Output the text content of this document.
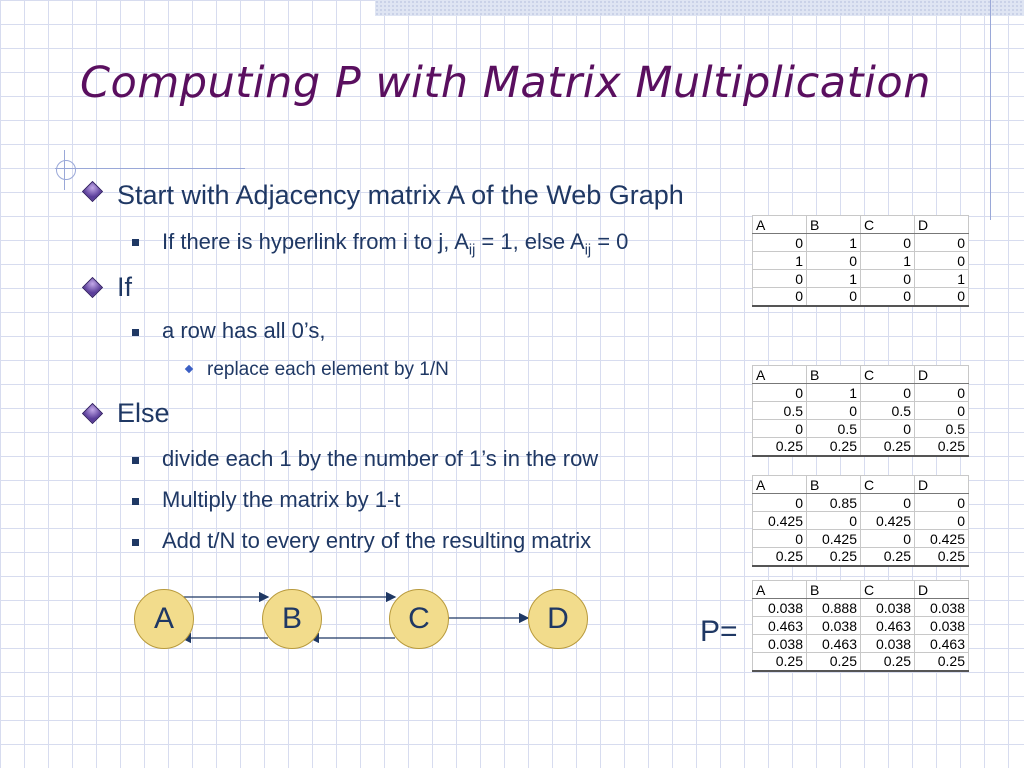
Computing P with Matrix Multiplication
Start with Adjacency matrix A of the Web Graph
If there is hyperlink from i to j, $A_{ij} = 1$, else $A_{ij} = 0$
If
a row has all 0’s,
replace each element by 1/N
Else
divide each 1 by the number of 1’s in the row
Multiply the matrix by 1-t
Add t/N to every entry of the resulting matrix
A	B	C	D
0	1	0	0
1	0	1	0
0	1	0	1
0	0	0	0
A	B	C	D
0	1	0	0
0.5	0	0.5	0
0	0.5	0	0.5
0.25	0.25	0.25	0.25
A	B	C	D
0	0.85	0	0
0.425	0	0.425	0
0	0.425	0	0.425
0.25	0.25	0.25	0.25
A	B	C	D
0.038	0.888	0.038	0.038
0.463	0.038	0.463	0.038
0.038	0.463	0.038	0.463
0.25	0.25	0.25	0.25
P=
A	B	C	D
